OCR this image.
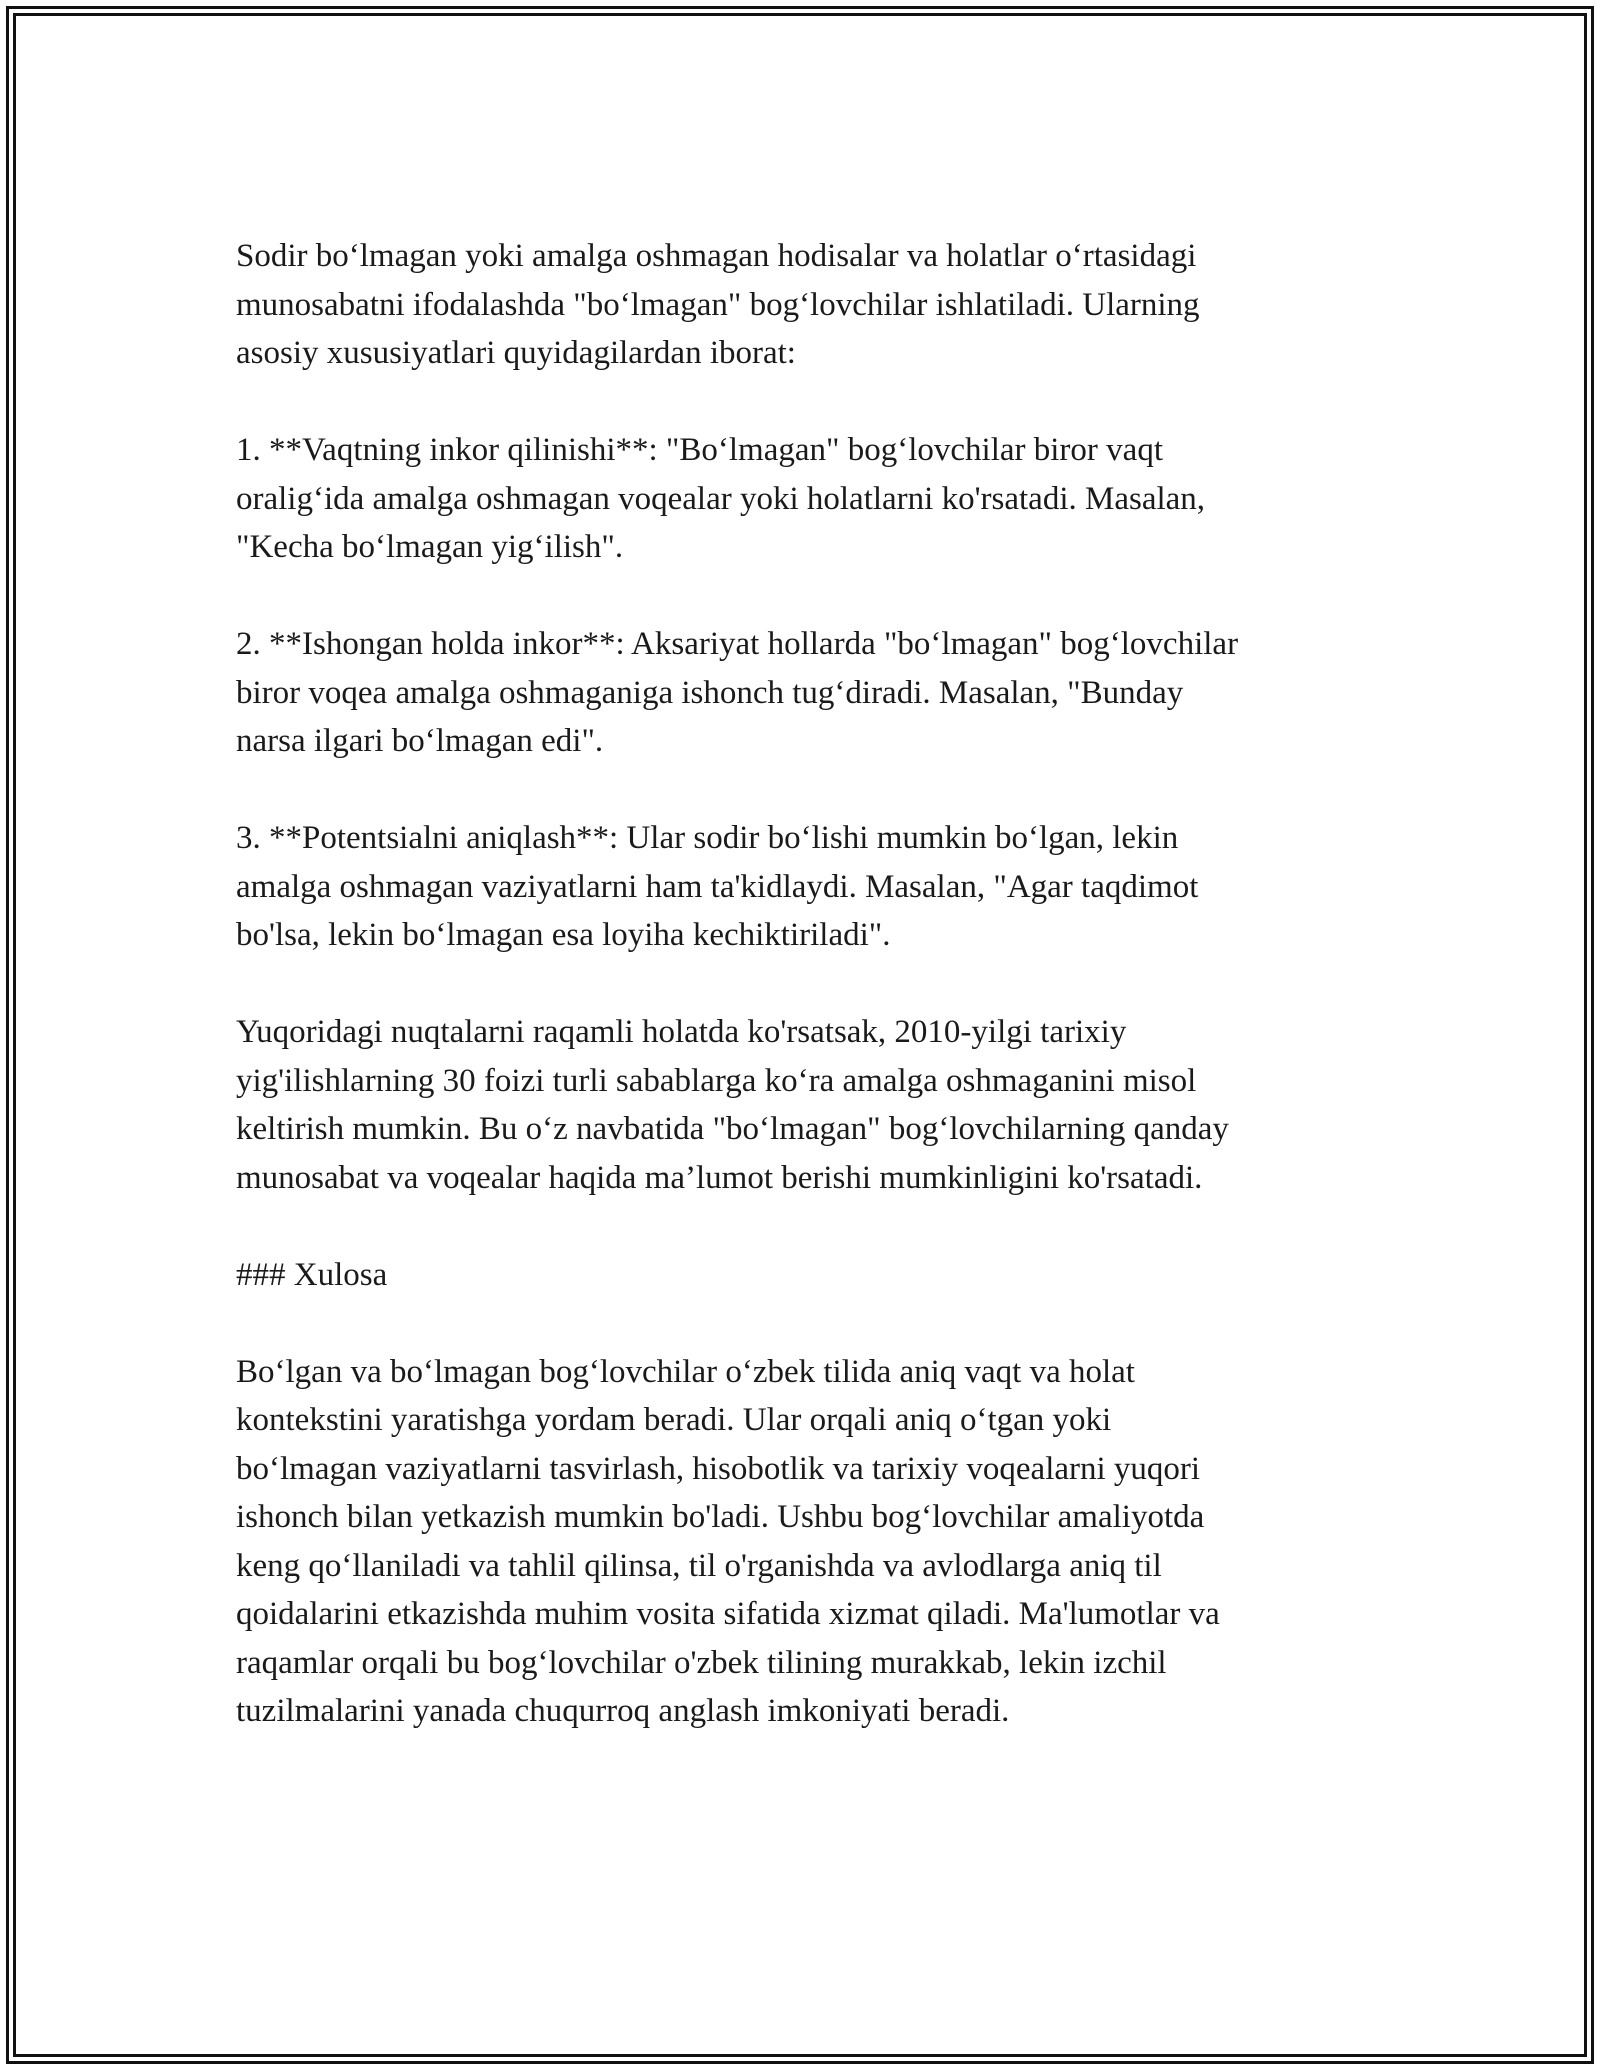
Sodir bo‘lmagan yoki amalga oshmagan hodisalar va holatlar o‘rtasidagi
munosabatni ifodalashda "bo‘lmagan" bog‘lovchilar ishlatiladi. Ularning
asosiy xususiyatlari quyidagilardan iborat:

1. **Vaqtning inkor qilinishi**: "Bo‘lmagan" bog‘lovchilar biror vaqt
oralig‘ida amalga oshmagan voqealar yoki holatlarni ko'rsatadi. Masalan,
"Kecha bo‘lmagan yig‘ilish".

2. **Ishongan holda inkor**: Aksariyat hollarda "bo‘lmagan" bog‘lovchilar
biror voqea amalga oshmaganiga ishonch tug‘diradi. Masalan, "Bunday
narsa ilgari bo‘lmagan edi".

3. **Potentsialni aniqlash**: Ular sodir bo‘lishi mumkin bo‘lgan, lekin
amalga oshmagan vaziyatlarni ham ta'kidlaydi. Masalan, "Agar taqdimot
bo'lsa, lekin bo‘lmagan esa loyiha kechiktiriladi".

Yuqoridagi nuqtalarni raqamli holatda ko'rsatsak, 2010-yilgi tarixiy
yig'ilishlarning 30 foizi turli sabablarga ko‘ra amalga oshmaganini misol
keltirish mumkin. Bu o‘z navbatida "bo‘lmagan" bog‘lovchilarning qanday
munosabat va voqealar haqida ma’lumot berishi mumkinligini ko'rsatadi.

### Xulosa

Bo‘lgan va bo‘lmagan bog‘lovchilar o‘zbek tilida aniq vaqt va holat
kontekstini yaratishga yordam beradi. Ular orqali aniq o‘tgan yoki
bo‘lmagan vaziyatlarni tasvirlash, hisobotlik va tarixiy voqealarni yuqori
ishonch bilan yetkazish mumkin bo'ladi. Ushbu bog‘lovchilar amaliyotda
keng qo‘llaniladi va tahlil qilinsa, til o'rganishda va avlodlarga aniq til
qoidalarini etkazishda muhim vosita sifatida xizmat qiladi. Ma'lumotlar va
raqamlar orqali bu bog‘lovchilar o'zbek tilining murakkab, lekin izchil
tuzilmalarini yanada chuqurroq anglash imkoniyati beradi.
